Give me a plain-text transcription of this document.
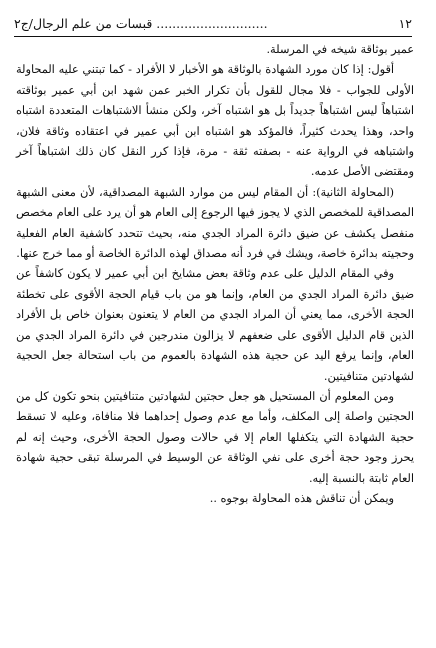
١٢
............................ قبسات من علم الرجال/ج٢

عمير بوثاقة شيخه في المرسلة.

أقول: إذا كان مورد الشهادة بالوثاقة هو الأخبار لا الأفراد - كما تبتني عليه المحاولة الأولى للجواب - فلا مجال للقول بأن تكرار الخبر عمن شهد ابن أبي عمير بوثاقته اشتباهاً ليس اشتباهاً جديداً بل هو اشتباه آخر، ولكن منشأ الاشتباهات المتعددة اشتباه واحد، وهذا يحدث كثيراً، فالمؤكد هو اشتباه ابن أبي عمير في اعتقاده وثاقة فلان، واشتباهه في الرواية عنه - بصفته ثقة - مرة، فإذا كرر النقل كان ذلك اشتباهاً آخر ومقتضى الأصل عدمه.

(المحاولة الثانية): أن المقام ليس من موارد الشبهة المصداقية، لأن معنى الشبهة المصداقية للمخصص الذي لا يجوز فيها الرجوع إلى العام هو أن يرد على العام مخصص منفصل يكشف عن ضيق دائرة المراد الجدي منه، بحيث تتحدد كاشفية العام الفعلية وحجيته بدائرة خاصة، ويشك في فرد أنه مصداق لهذه الدائرة الخاصة أو مما خرج عنها.

وفي المقام الدليل على عدم وثاقة بعض مشايخ ابن أبي عمير لا يكون كاشفاً عن ضيق دائرة المراد الجدي من العام، وإنما هو من باب قيام الحجة الأقوى على تخطئة الحجة الأخرى، مما يعني أن المراد الجدي من العام لا يتعنون بعنوان خاص بل الأفراد الذين قام الدليل الأقوى على ضعفهم لا يزالون مندرجين في دائرة المراد الجدي من العام، وإنما يرفع اليد عن حجية هذه الشهادة بالعموم من باب استحالة جعل الحجية لشهادتين متنافيتين.

ومن المعلوم أن المستحيل هو جعل حجتين لشهادتين متنافيتين بنحو تكون كل من الحجتين واصلة إلى المكلف، وأما مع عدم وصول إحداهما فلا منافاة، وعليه لا تسقط حجية الشهادة التي يتكفلها العام إلا في حالات وصول الحجة الأخرى، وحيث إنه لم يحرز وجود حجة أخرى على نفي الوثاقة عن الوسيط في المرسلة تبقى حجية شهادة العام ثابتة بالنسبة إليه.

ويمكن أن تناقش هذه المحاولة بوجوه ..
